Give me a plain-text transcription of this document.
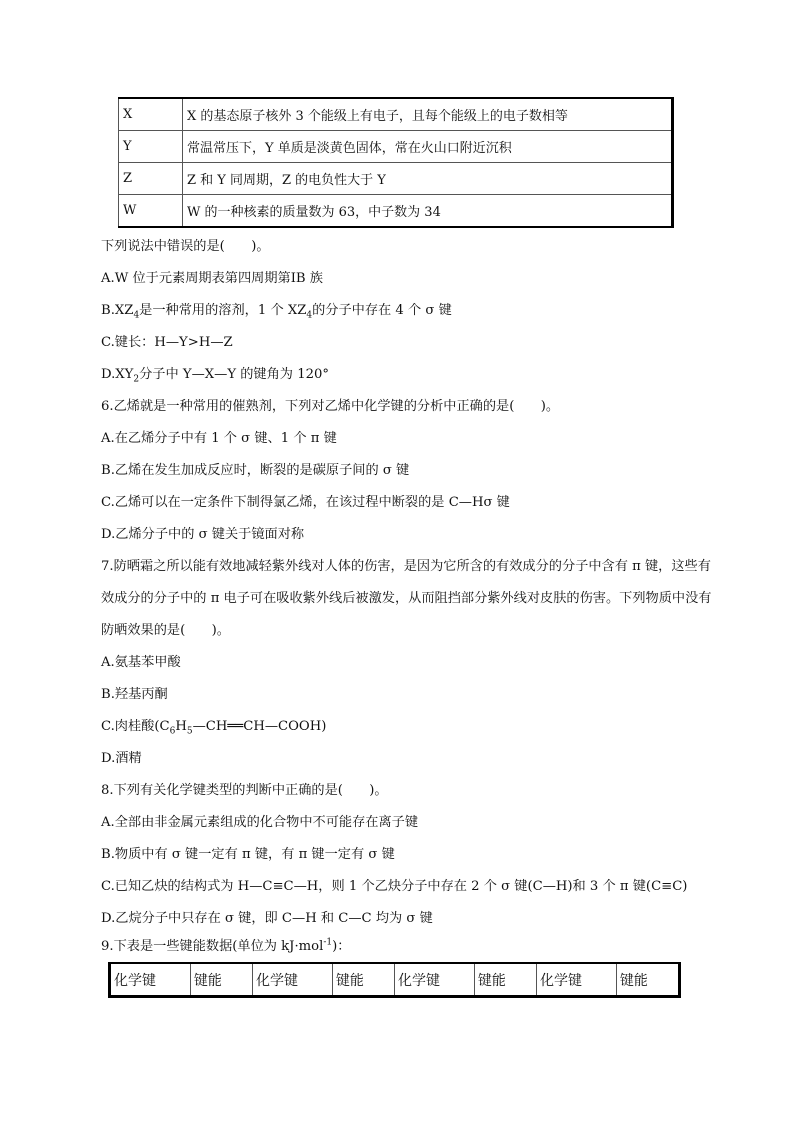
X	X 的基态原子核外 3 个能级上有电子，且每个能级上的电子数相等
Y	常温常压下，Y 单质是淡黄色固体，常在火山口附近沉积
Z	Z 和 Y 同周期，Z 的电负性大于 Y
W	W 的一种核素的质量数为 63，中子数为 34
下列说法中错误的是(　　)。
A.W 位于元素周期表第四周期第ⅠB 族
$B.XZ_4$是一种常用的溶剂，1 个 $XZ_4$的分子中存在 4 个 σ 键
C.键长：H—Y>H—Z
$D.XY_2$分子中 Y—X—Y 的键角为 120°
6.乙烯就是一种常用的催熟剂，下列对乙烯中化学键的分析中正确的是(　　)。
A.在乙烯分子中有 1 个 σ 键、1 个 π 键
B.乙烯在发生加成反应时，断裂的是碳原子间的 σ 键
C.乙烯可以在一定条件下制得氯乙烯，在该过程中断裂的是 C—Hσ 键
D.乙烯分子中的 σ 键关于镜面对称
7.防晒霜之所以能有效地减轻紫外线对人体的伤害，是因为它所含的有效成分的分子中含有 π 键，这些有
效成分的分子中的 π 电子可在吸收紫外线后被激发，从而阻挡部分紫外线对皮肤的伤害。下列物质中没有
防晒效果的是(　　)。
A.氨基苯甲酸
B.羟基丙酮
C.肉桂酸$(C_6H_5—CH══CH—COOH)$
D.酒精
8.下列有关化学键类型的判断中正确的是(　　)。
A.全部由非金属元素组成的化合物中不可能存在离子键
B.物质中有 σ 键一定有 π 键，有 π 键一定有 σ 键
C.已知乙炔的结构式为 H—C≡C—H，则 1 个乙炔分子中存在 2 个 σ 键(C—H)和 3 个 π 键(C≡C)
D.乙烷分子中只存在 σ 键，即 C—H 和 C—C 均为 σ 键
9.下表是一些键能数据(单位为 kJ·mol$^{-1}$)：
化学键	键能	化学键	键能	化学键	键能	化学键	键能
